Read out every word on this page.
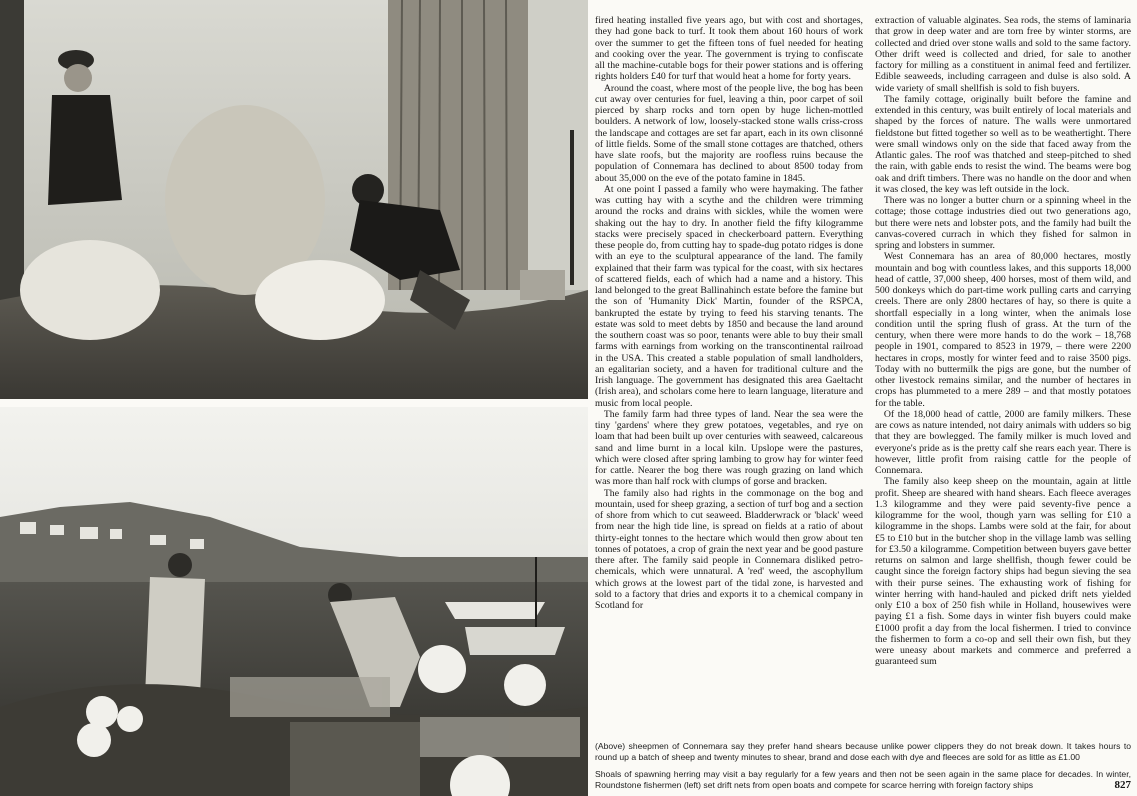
fired heating installed five years ago, but with cost and shortages, they had gone back to turf. It took them about 160 hours of work over the summer to get the fifteen tons of fuel needed for heating and cooking over the year. The government is trying to confiscate all the machine-cutable bogs for their power stations and is offering rights holders £40 for turf that would heat a home for forty years.

Around the coast, where most of the people live, the bog has been cut away over centuries for fuel, leaving a thin, poor carpet of soil pierced by sharp rocks and torn open by huge lichen-mottled boulders. A network of low, loosely-stacked stone walls criss-cross the landscape and cottages are set far apart, each in its own clisonné of little fields. Some of the small stone cottages are thatched, others have slate roofs, but the majority are roofless ruins because the population of Connemara has declined to about 8500 today from about 35,000 on the eve of the potato famine in 1845.

At one point I passed a family who were haymaking. The father was cutting hay with a scythe and the children were trimming around the rocks and drains with sickles, while the women were shaking out the hay to dry. In another field the fifty kilogramme stacks were precisely spaced in checkerboard pattern. Everything these people do, from cutting hay to spade-dug potato ridges is done with an eye to the sculptural appearance of the land. The family explained that their farm was typical for the coast, with six hectares of scattered fields, each of which had a name and a history. This land belonged to the great Ballinahinch estate before the famine but the son of 'Humanity Dick' Martin, founder of the RSPCA, bankrupted the estate by trying to feed his starving tenants. The estate was sold to meet debts by 1850 and because the land around the southern coast was so poor, tenants were able to buy their small farms with earnings from working on the transcontinental railroad in the USA. This created a stable population of small landholders, an egalitarian society, and a haven for traditional culture and the Irish language. The government has designated this area Gaeltacht (Irish area), and scholars come here to learn language, literature and music from local people.

The family farm had three types of land. Near the sea were the tiny 'gardens' where they grew potatoes, vegetables, and rye on loam that had been built up over centuries with seaweed, calcareous sand and lime burnt in a local kiln. Upslope were the pastures, which were closed after spring lambing to grow hay for winter feed for cattle. Nearer the bog there was rough grazing on land which was more than half rock with clumps of gorse and bracken.

The family also had rights in the commonage on the bog and mountain, used for sheep grazing, a section of turf bog and a section of shore from which to cut seaweed. Bladderwrack or 'black' weed from near the high tide line, is spread on fields at a ratio of about thirty-eight tonnes to the hectare which would then grow about ten tonnes of potatoes, a crop of grain the next year and be good pasture there after. The family said people in Connemara disliked petro-chemicals, which were unnatural. A 'red' weed, the ascophyllum which grows at the lowest part of the tidal zone, is harvested and sold to a factory that dries and exports it to a chemical company in Scotland for

extraction of valuable alginates. Sea rods, the stems of laminaria that grow in deep water and are torn free by winter storms, are collected and dried over stone walls and sold to the same factory. Other drift weed is collected and dried, for sale to another factory for milling as a constituent in animal feed and fertilizer. Edible seaweeds, including carrageen and dulse is also sold. A wide variety of small shellfish is sold to fish buyers.

The family cottage, originally built before the famine and extended in this century, was built entirely of local materials and shaped by the forces of nature. The walls were unmortared fieldstone but fitted together so well as to be weathertight. There were small windows only on the side that faced away from the Atlantic gales. The roof was thatched and steep-pitched to shed the rain, with gable ends to resist the wind. The beams were bog oak and drift timbers. There was no handle on the door and when it was closed, the key was left outside in the lock.

There was no longer a butter churn or a spinning wheel in the cottage; those cottage industries died out two generations ago, but there were nets and lobster pots, and the family had built the canvas-covered currach in which they fished for salmon in spring and lobsters in summer.

West Connemara has an area of 80,000 hectares, mostly mountain and bog with countless lakes, and this supports 18,000 head of cattle, 37,000 sheep, 400 horses, most of them wild, and 500 donkeys which do part-time work pulling carts and carrying creels. There are only 2800 hectares of hay, so there is quite a shortfall especially in a long winter, when the animals lose condition until the spring flush of grass. At the turn of the century, when there were more hands to do the work – 18,768 people in 1901, compared to 8523 in 1979, – there were 2200 hectares in crops, mostly for winter feed and to raise 3500 pigs. Today with no buttermilk the pigs are gone, but the number of other livestock remains similar, and the number of hectares in crops has plummeted to a mere 289 – and that mostly potatoes for the table.

Of the 18,000 head of cattle, 2000 are family milkers. These are cows as nature intended, not dairy animals with udders so big that they are bowlegged. The family milker is much loved and everyone's pride as is the pretty calf she rears each year. There is however, little profit from raising cattle for the people of Connemara.

The family also keep sheep on the mountain, again at little profit. Sheep are sheared with hand shears. Each fleece averages 1.3 kilogramme and they were paid seventy-five pence a kilogramme for the wool, though yarn was selling for £10 a kilogramme in the shops. Lambs were sold at the fair, for about £5 to £10 but in the butcher shop in the village lamb was selling for £3.50 a kilogramme. Competition between buyers gave better returns on salmon and large shellfish, though fewer could be caught since the foreign factory ships had begun sieving the sea with their purse seines. The exhausting work of fishing for winter herring with hand-hauled and picked drift nets yielded only £10 a box of 250 fish while in Holland, housewives were paying £1 a fish. Some days in winter fish buyers could make £1000 profit a day from the local fishermen. I tried to convince the fishermen to form a co-op and sell their own fish, but they were uneasy about markets and commerce and preferred a guaranteed sum

(Above) sheepmen of Connemara say they prefer hand shears because unlike power clippers they do not break down. It takes hours to round up a batch of sheep and twenty minutes to shear, brand and dose each with dye and fleeces are sold for as little as £1.00
Shoals of spawning herring may visit a bay regularly for a few years and then not be seen again in the same place for decades. In winter, Roundstone fishermen (left) set drift nets from open boats and compete for scarce herring with foreign factory ships	827
